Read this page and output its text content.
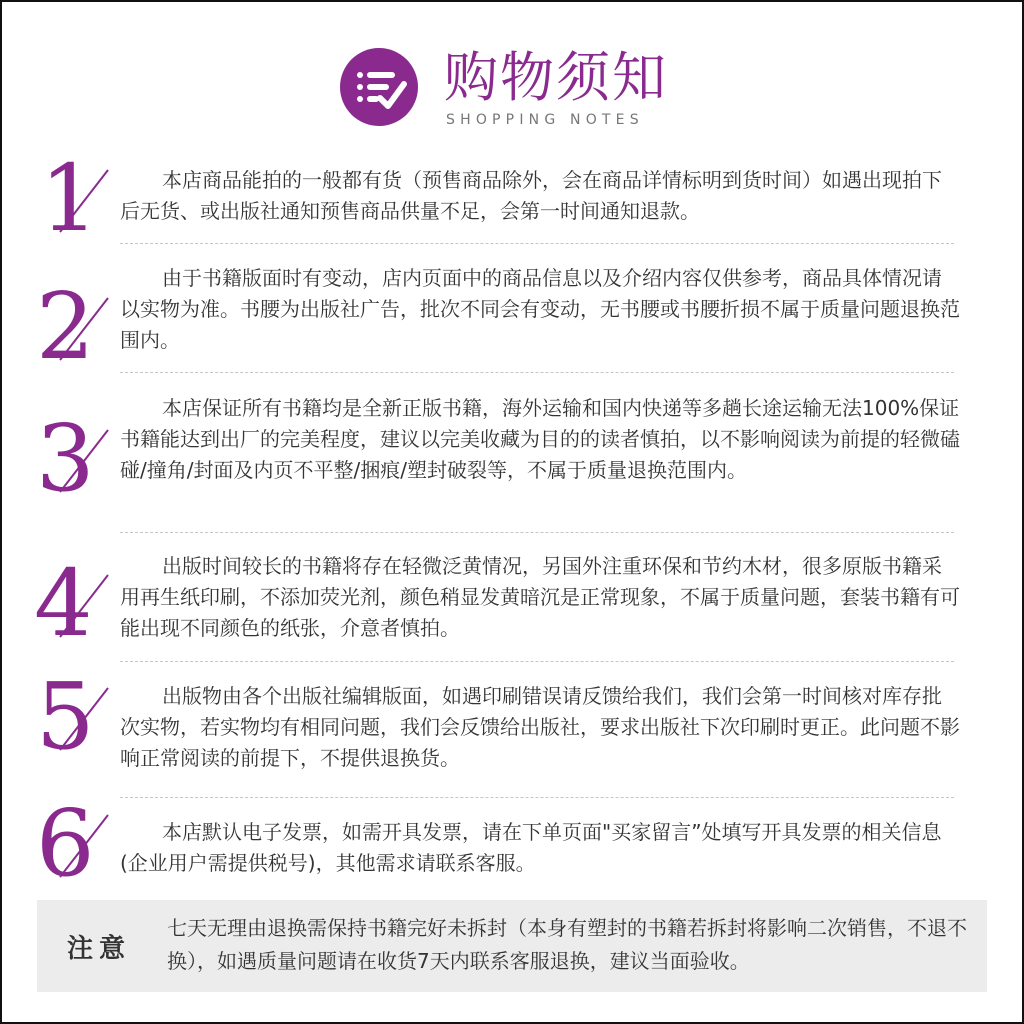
购物须知
SHOPPING NOTES
1	本店商品能拍的一般都有货（预售商品除外，会在商品详情标明到货时间）如遇出现拍下后无货、或出版社通知预售商品供量不足，会第一时间通知退款。

2	由于书籍版面时有变动，店内页面中的商品信息以及介绍内容仅供参考，商品具体情况请以实物为准。书腰为出版社广告，批次不同会有变动，无书腰或书腰折损不属于质量问题退换范围内。

3	本店保证所有书籍均是全新正版书籍，海外运输和国内快递等多趟长途运输无法100%保证书籍能达到出厂的完美程度，建议以完美收藏为目的的读者慎拍，以不影响阅读为前提的轻微磕碰/撞角/封面及内页不平整/捆痕/塑封破裂等，不属于质量退换范围内。

4	出版时间较长的书籍将存在轻微泛黄情况，另国外注重环保和节约木材，很多原版书籍采用再生纸印刷，不添加荧光剂，颜色稍显发黄暗沉是正常现象，不属于质量问题，套装书籍有可能出现不同颜色的纸张，介意者慎拍。

5	出版物由各个出版社编辑版面，如遇印刷错误请反馈给我们，我们会第一时间核对库存批次实物，若实物均有相同问题，我们会反馈给出版社，要求出版社下次印刷时更正。此问题不影响正常阅读的前提下，不提供退换货。

6	本店默认电子发票，如需开具发票，请在下单页面"买家留言”处填写开具发票的相关信息(企业用户需提供税号)，其他需求请联系客服。

注意

七天无理由退换需保持书籍完好未拆封（本身有塑封的书籍若拆封将影响二次销售，不退不换），如遇质量问题请在收货7天内联系客服退换，建议当面验收。
